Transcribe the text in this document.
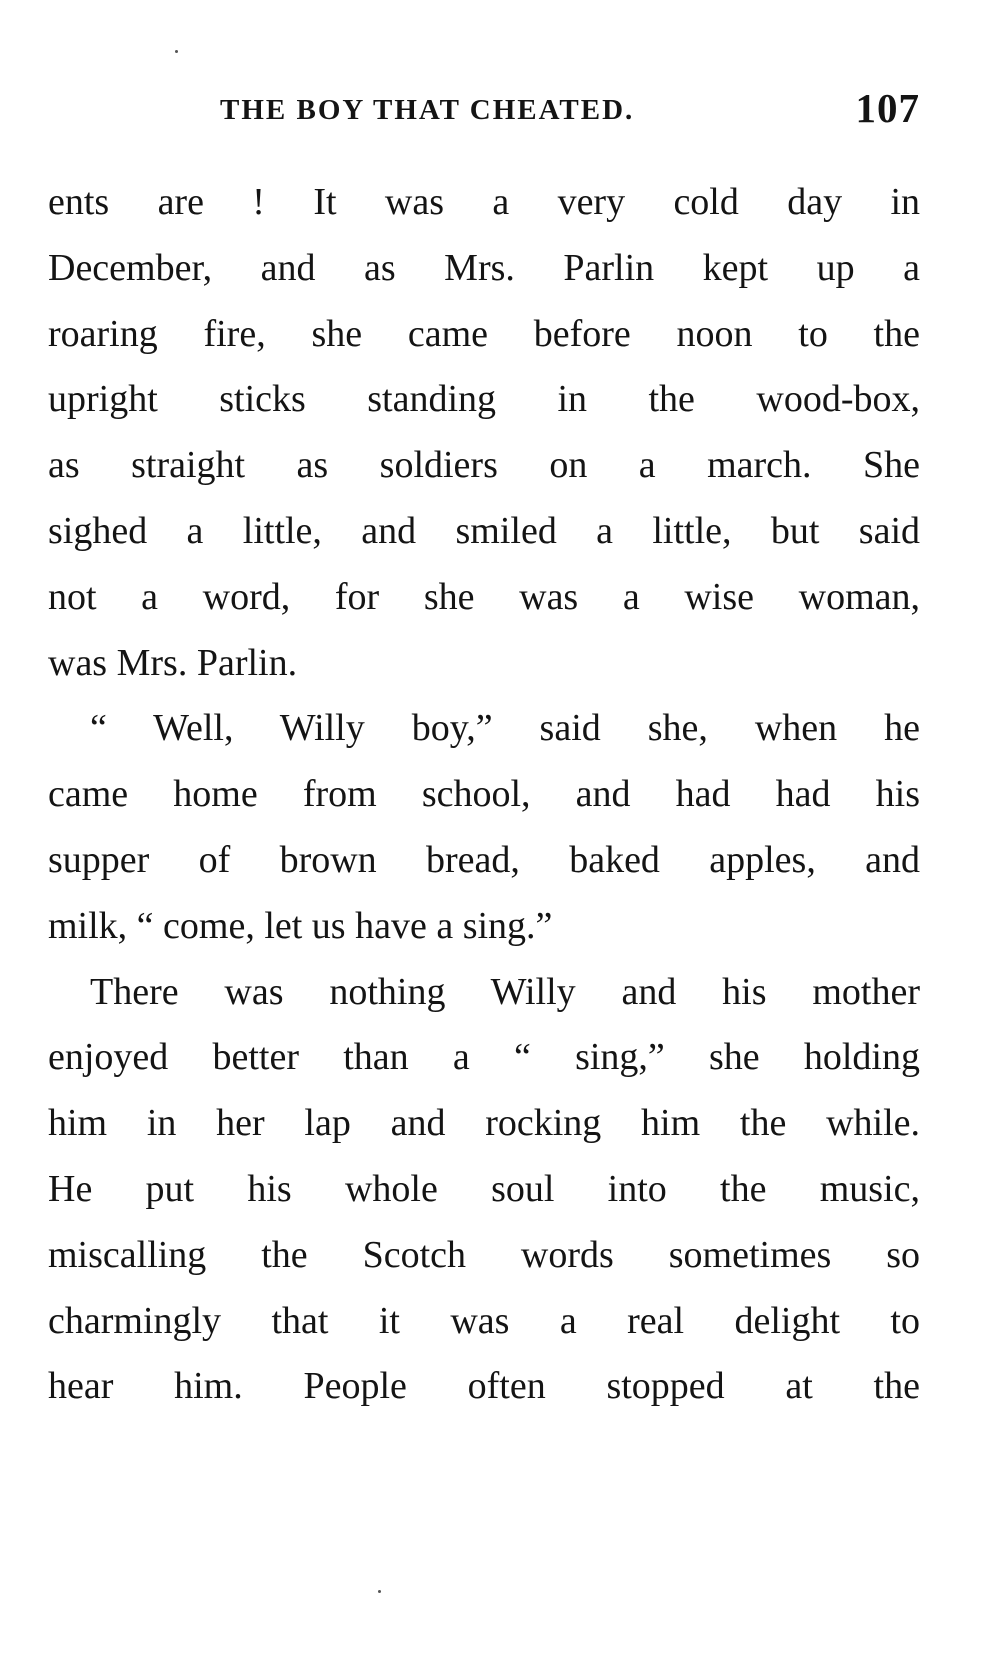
THE BOY THAT CHEATED.	107
ents are ! It was a very cold day in
December, and as Mrs. Parlin kept up a
roaring fire, she came before noon to the
upright sticks standing in the wood-box,
as straight as soldiers on a march. She
sighed a little, and smiled a little, but said
not a word, for she was a wise woman,
was Mrs. Parlin.
“ Well, Willy boy,” said she, when he
came home from school, and had had his
supper of brown bread, baked apples, and
milk, “ come, let us have a sing.”
There was nothing Willy and his mother
enjoyed better than a “ sing,” she holding
him in her lap and rocking him the while.
He put his whole soul into the music,
miscalling the Scotch words sometimes so
charmingly that it was a real delight to
hear him. People often stopped at the
